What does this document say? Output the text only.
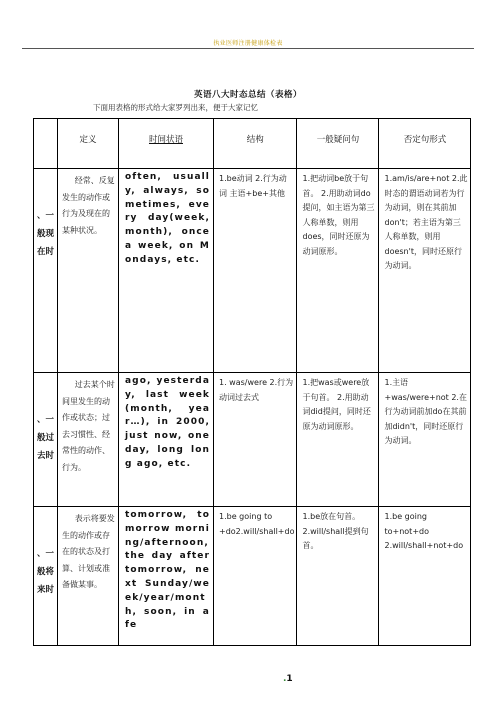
执业医师注册健康体检表
英语八大时态总结（表格）
下面用表格的形式给大家罗列出来，便于大家记忆
	定义	时间状语	结构	一般疑问句	否定句形式
、一般现在时	经常、反复发生的动作或行为及现在的某种状况。	often, usually, always, sometimes, every day(week,month), once a week, on Mondays, etc.	1.be动词 2.行为动词 主语+be+其他	1.把动词be放于句首。 2.用助动词do提问，如主语为第三人称单数，则用does，同时还原为动词原形。	1.am/is/are+not 2.此时态的谓语动词若为行为动词，则在其前加don't；若主语为第三人称单数，则用doesn't，同时还原行为动词。
、一般过去时	过去某个时间里发生的动作或状态；过去习惯性、经常性的动作、行为。	ago, yesterday, last week(month, year…), in 2000, just now, one day, long long ago, etc.	1. was/were 2.行为动词过去式	1.把was或were放于句首。 2.用助动词did提问，同时还原为动词原形。	1.主语+was/were+not 2.在行为动词前加do在其前加didn't，同时还原行为动词。
、一般将来时	表示将要发生的动作或存在的状态及打算、计划或准备做某事。	tomorrow, tomorrow morning/afternoon, the day after tomorrow, next Sunday/week/year/month, soon, in a fe	1.be going to +do2.will/shall+do	1.be放在句首。 2.will/shall提到句首。	1.be going to+not+do 2.will/shall+not+do
.1
